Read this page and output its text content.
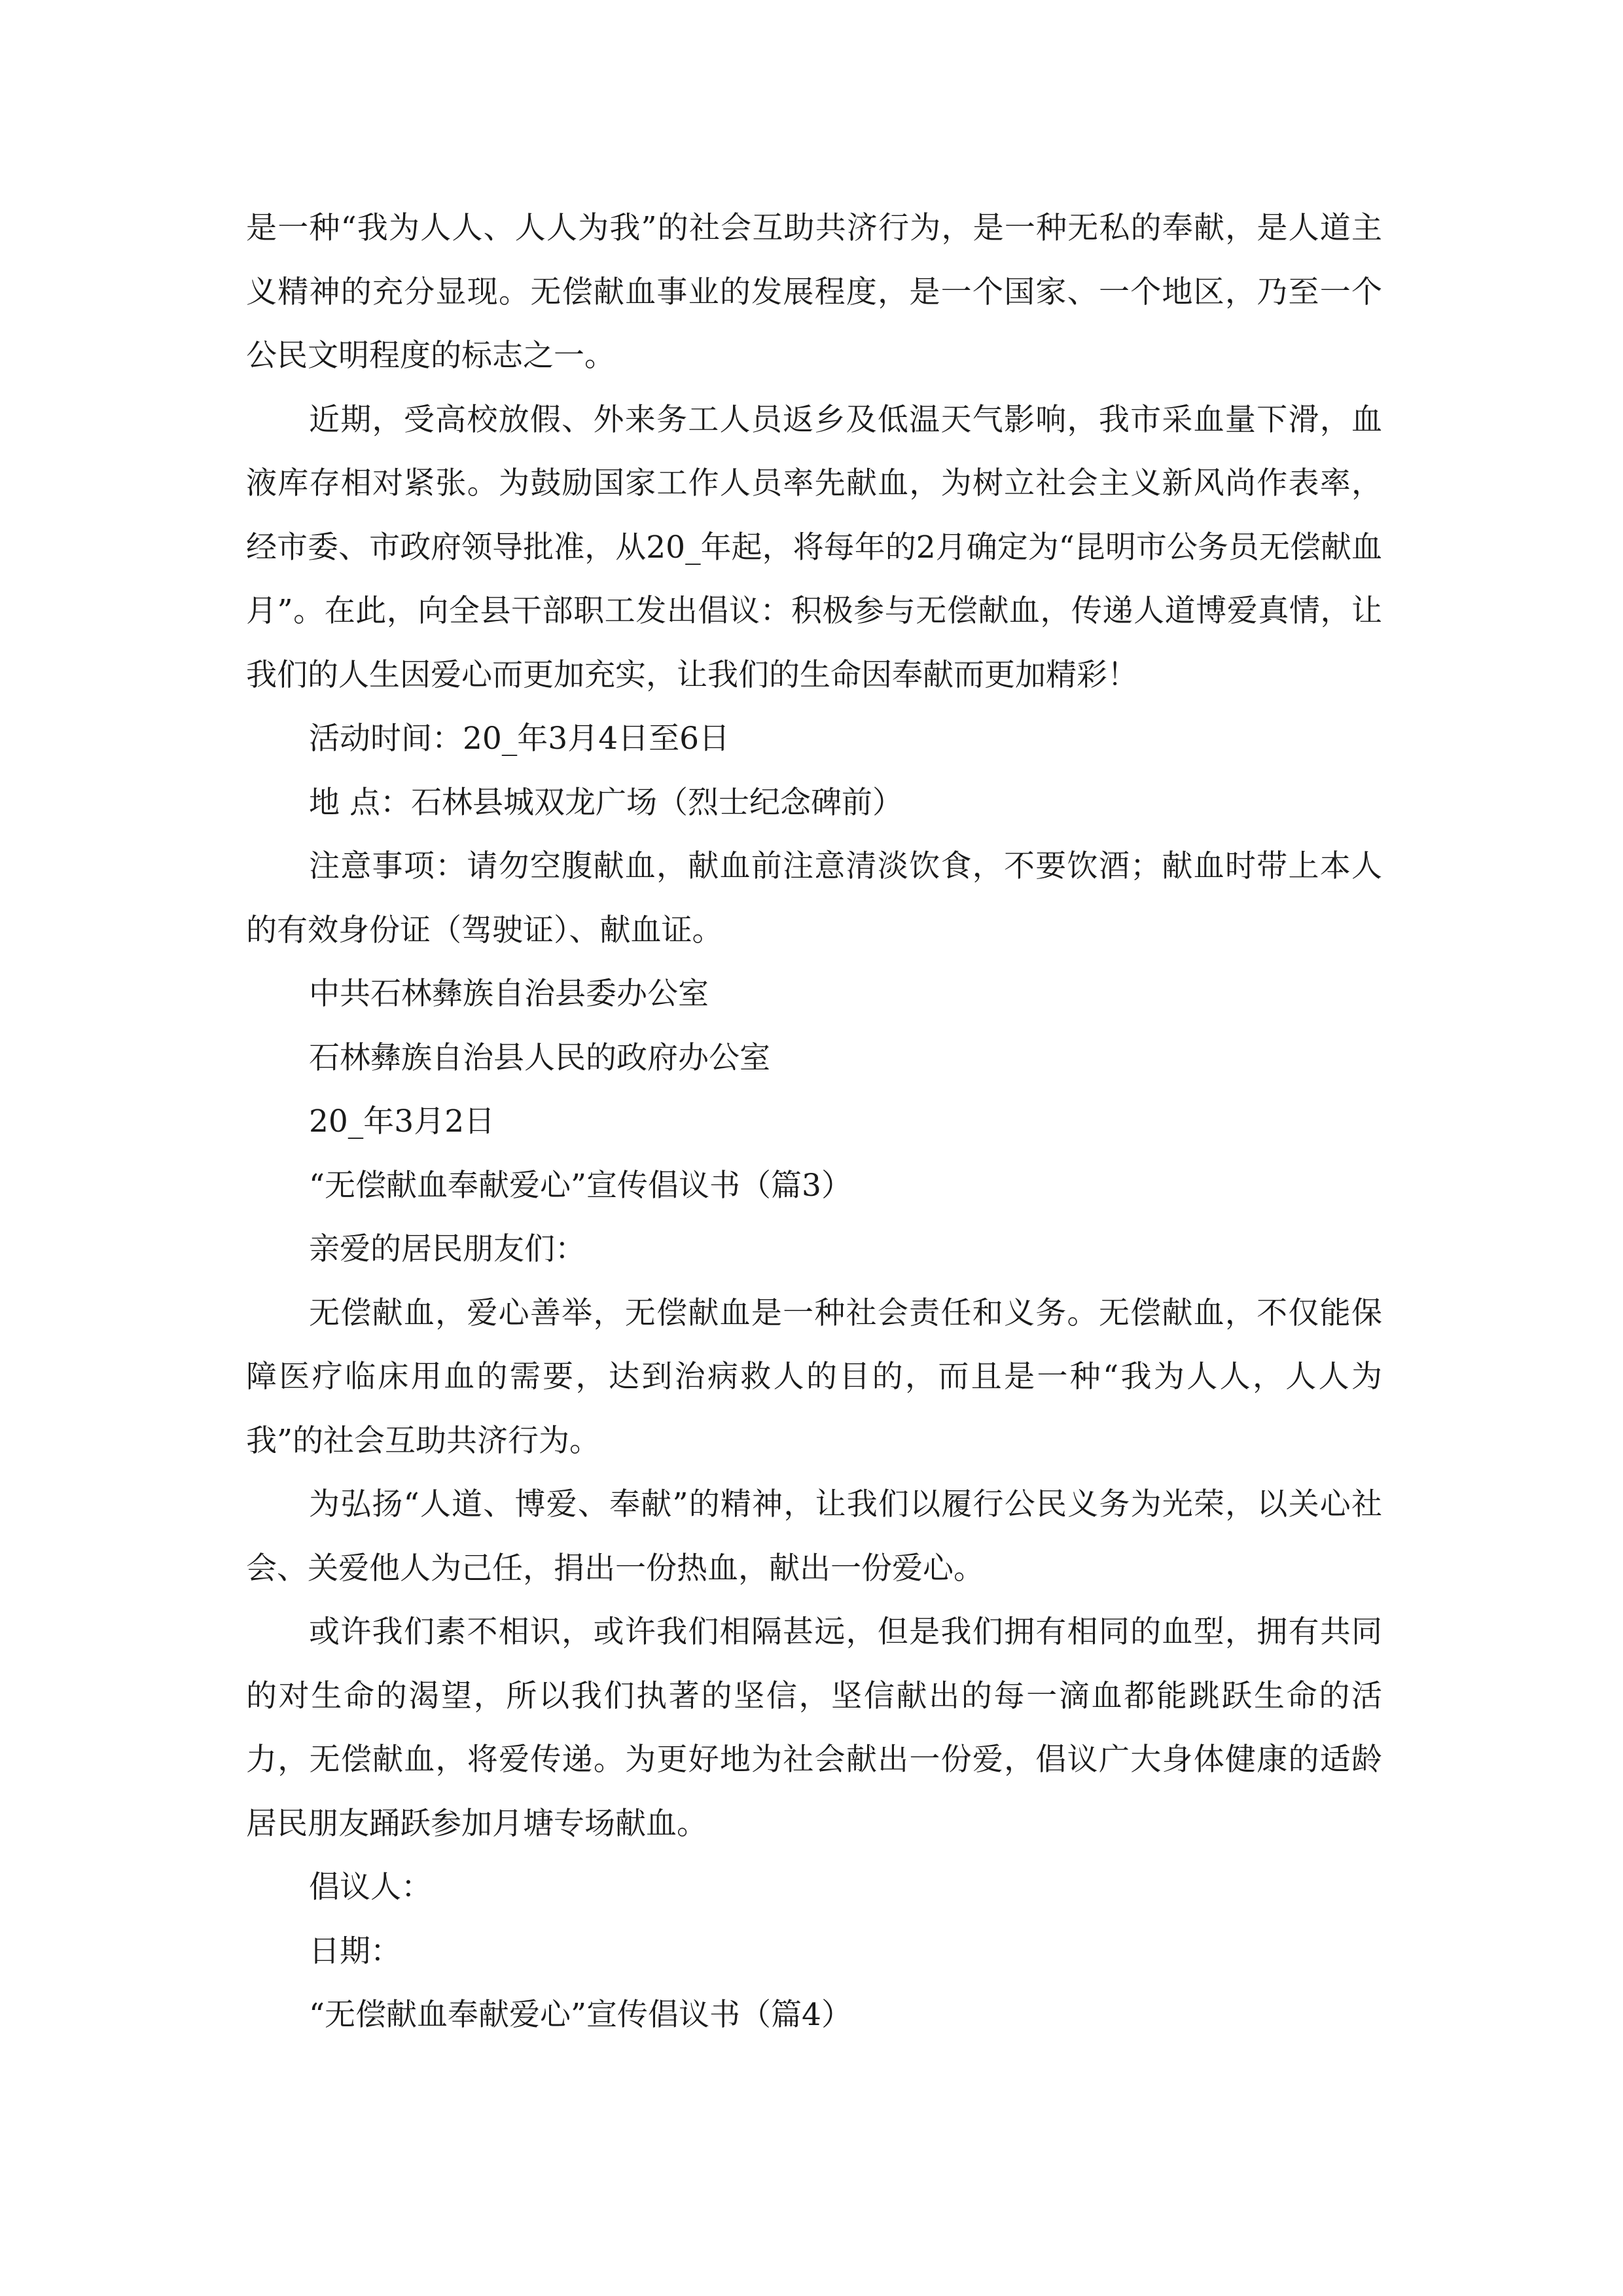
是一种“我为人人、人人为我”的社会互助共济行为，是一种无私的奉献，是人道主义精神的充分显现。无偿献血事业的发展程度，是一个国家、一个地区，乃至一个公民文明程度的标志之一。

近期，受高校放假、外来务工人员返乡及低温天气影响，我市采血量下滑，血液库存相对紧张。为鼓励国家工作人员率先献血，为树立社会主义新风尚作表率，经市委、市政府领导批准，从20_年起，将每年的2月确定为“昆明市公务员无偿献血月”。在此，向全县干部职工发出倡议：积极参与无偿献血，传递人道博爱真情，让我们的人生因爱心而更加充实，让我们的生命因奉献而更加精彩！

活动时间：20_年3月4日至6日

地 点：石林县城双龙广场（烈士纪念碑前）

注意事项：请勿空腹献血，献血前注意清淡饮食，不要饮酒；献血时带上本人的有效身份证（驾驶证）、献血证。

中共石林彝族自治县委办公室

石林彝族自治县人民的政府办公室

20_年3月2日

“无偿献血奉献爱心”宣传倡议书（篇3）

亲爱的居民朋友们：

无偿献血，爱心善举，无偿献血是一种社会责任和义务。无偿献血，不仅能保障医疗临床用血的需要，达到治病救人的目的，而且是一种“我为人人，人人为我”的社会互助共济行为。

为弘扬“人道、博爱、奉献”的精神，让我们以履行公民义务为光荣，以关心社会、关爱他人为己任，捐出一份热血，献出一份爱心。

或许我们素不相识，或许我们相隔甚远，但是我们拥有相同的血型，拥有共同的对生命的渴望，所以我们执著的坚信，坚信献出的每一滴血都能跳跃生命的活力，无偿献血，将爱传递。为更好地为社会献出一份爱，倡议广大身体健康的适龄居民朋友踊跃参加月塘专场献血。

倡议人：

日期：

“无偿献血奉献爱心”宣传倡议书（篇4）
